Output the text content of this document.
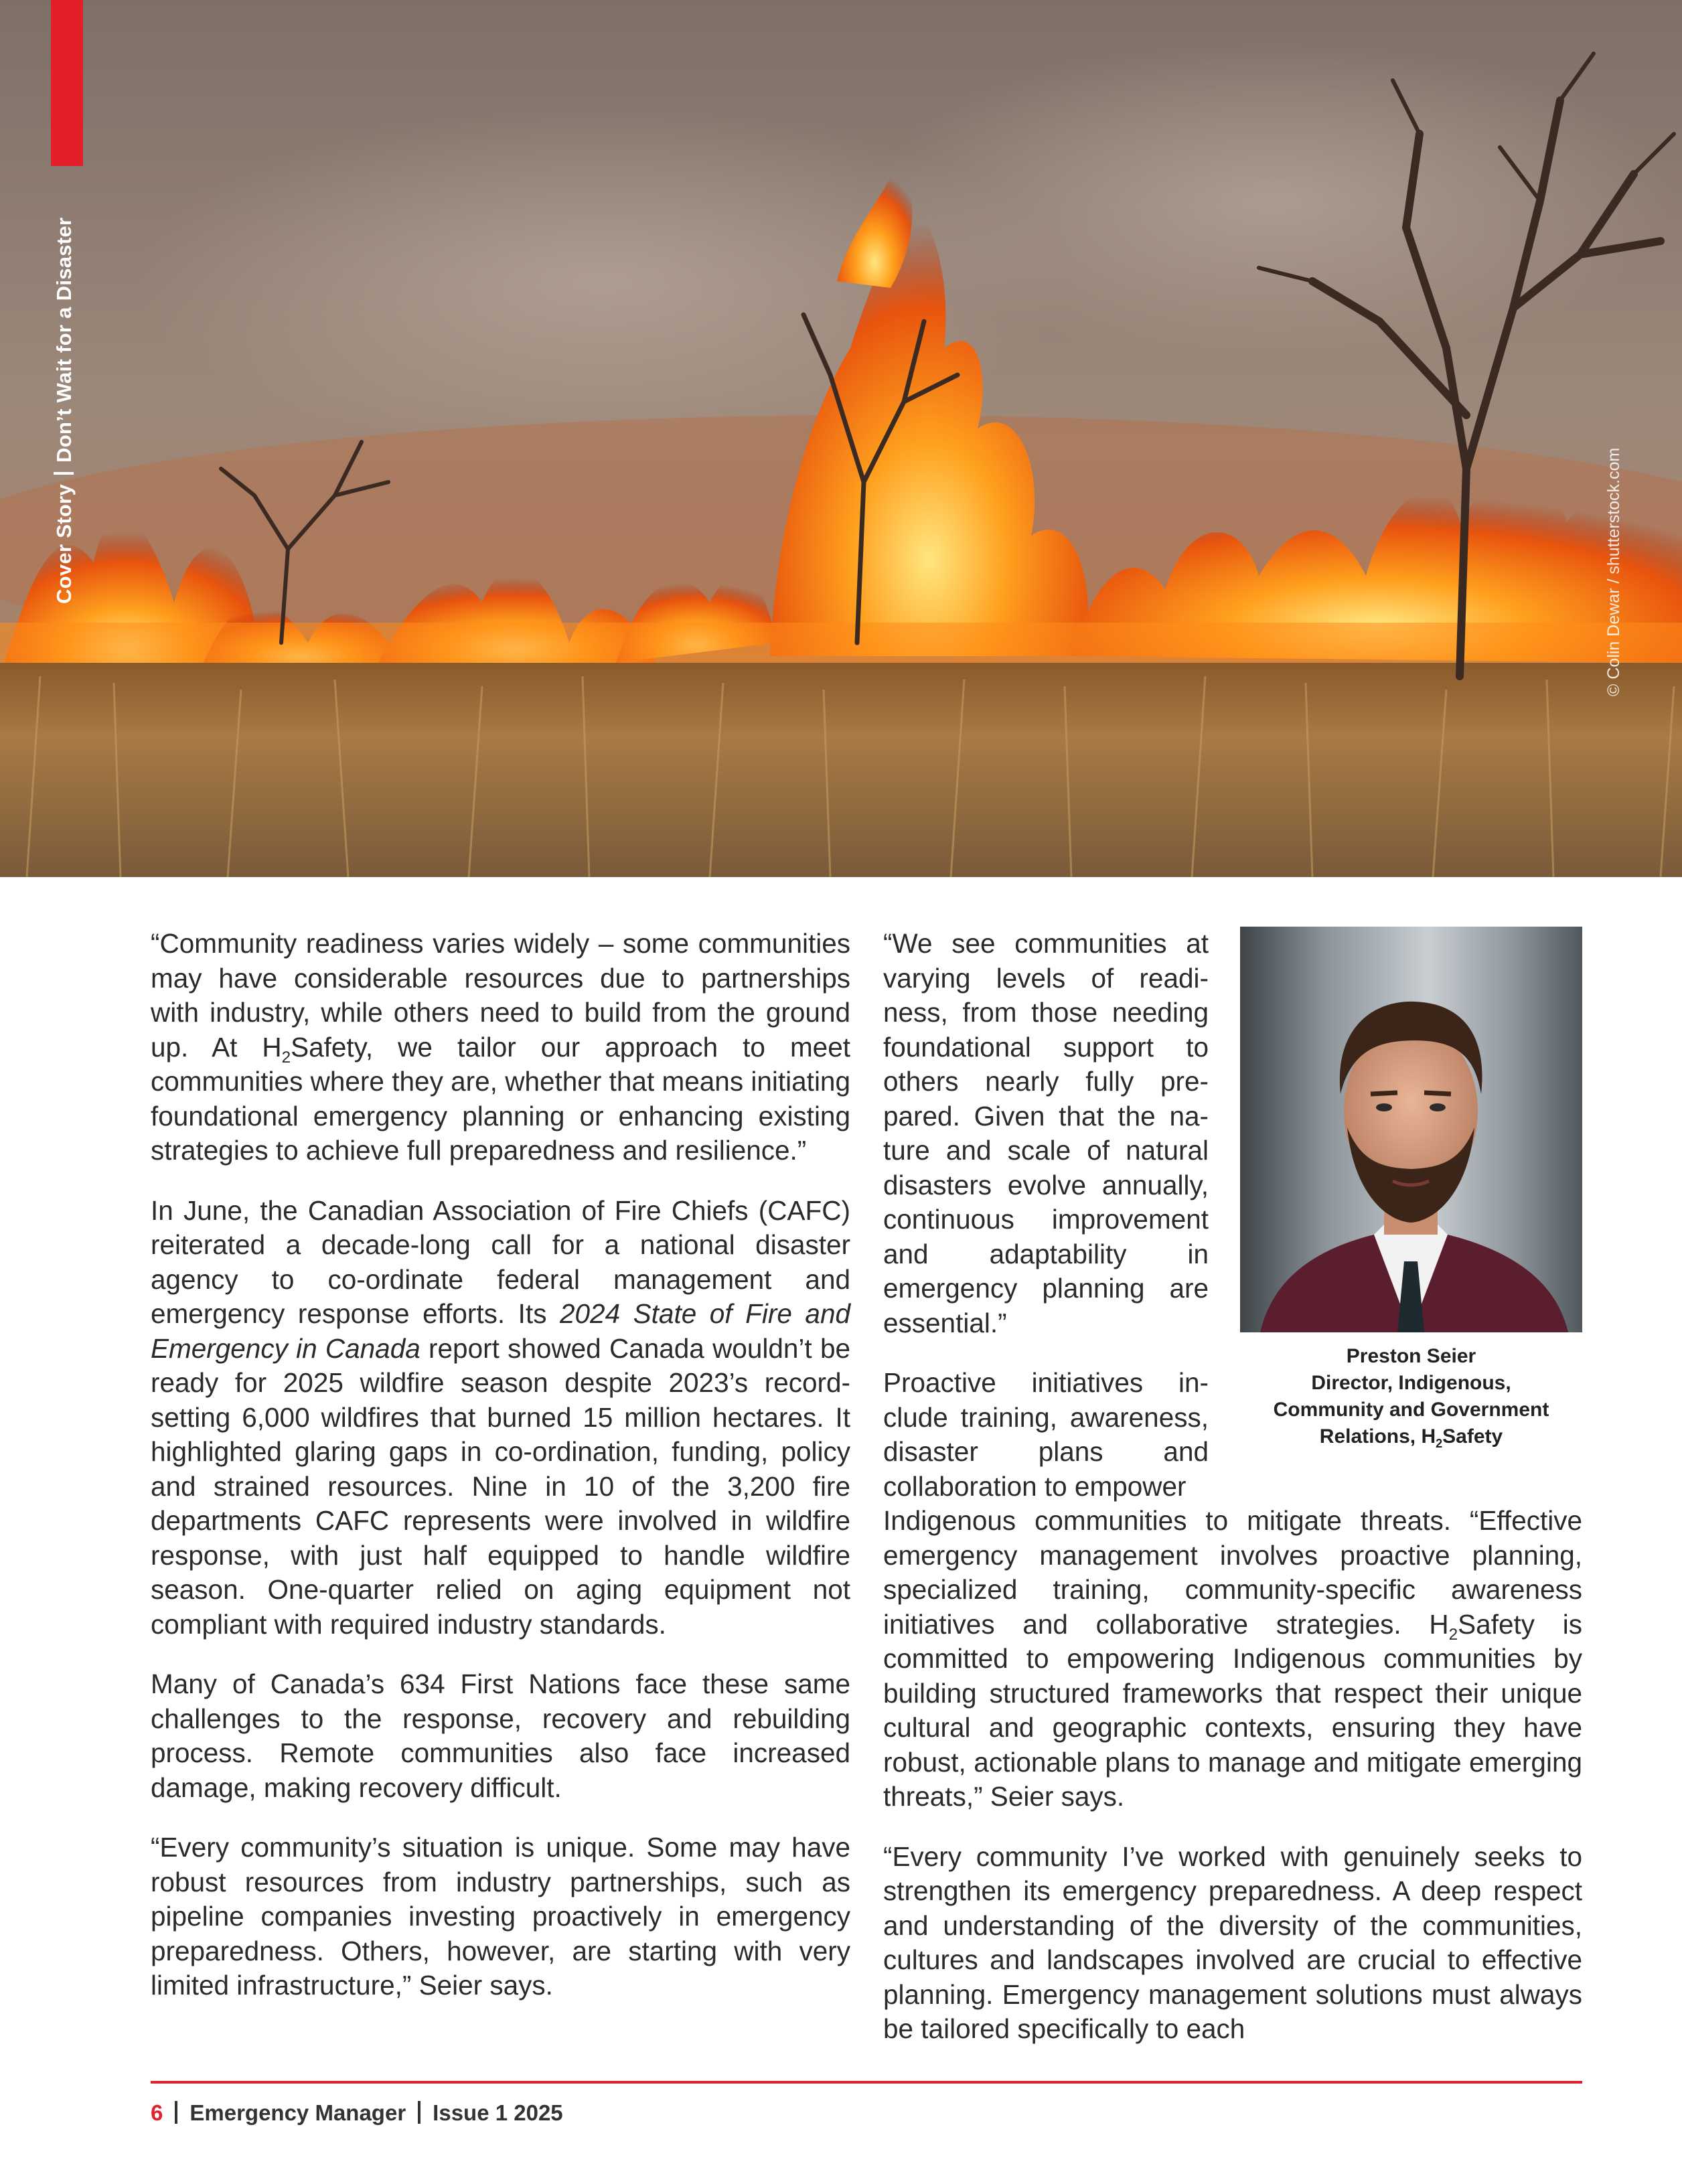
Cover StoryDon’t Wait for a Disaster
© Colin Dewar / shutterstock.com

“Community readiness varies widely – some communities may have considerable resources due to partnerships with industry, while others need to build from the ground up. At $H_2Safety$, we tailor our approach to meet communities where they are, whether that means initiating foundational emergency planning or enhancing existing strategies to achieve full preparedness and resilience.”

In June, the Canadian Association of Fire Chiefs (CAFC) reiterated a decade-long call for a national disaster agency to co-ordinate federal management and emergency response efforts. Its 2024 State of Fire and Emergency in Canada report showed Canada wouldn’t be ready for 2025 wildfire season despite 2023’s record-setting 6,000 wildfires that burned 15 million hectares. It highlighted glaring gaps in co-ordination, funding, policy and strained resources. Nine in 10 of the 3,200 fire departments CAFC represents were involved in wildfire response, with just half equipped to handle wildfire season. One-quarter relied on aging equipment not compliant with required industry standards.

Many of Canada’s 634 First Nations face these same challenges to the response, recovery and rebuilding process. Remote communities also face increased damage, making recovery difficult.

“Every community’s situation is unique. Some may have robust resources from industry partnerships, such as pipeline companies investing proactively in emergency preparedness. Others, however, are starting with very limited infrastructure,” Seier says.

“We see communities at varying levels of readiness, from those needing foundational support to others nearly fully prepared. Given that the nature and scale of natural disasters evolve annually, continuous improvement and adaptability in emergency planning are essential.”

Proactive initiatives include training, awareness, disaster plans and collaboration to empower

Indigenous communities to mitigate threats. “Effective emergency management involves proactive planning, specialized training, community-specific awareness initiatives and collaborative strategies. $H_2Safety$ is committed to empowering Indigenous communities by building structured frameworks that respect their unique cultural and geographic contexts, ensuring they have robust, actionable plans to manage and mitigate emerging threats,” Seier says.

“Every community I’ve worked with genuinely seeks to strengthen its emergency preparedness. A deep respect and understanding of the diversity of the communities, cultures and landscapes involved are crucial to effective planning. Emergency management solutions must always be tailored specifically to each

Preston Seier
Director, Indigenous,
Community and Government
Relations, $H_2Safety$
6 Emergency Manager Issue 1 2025
